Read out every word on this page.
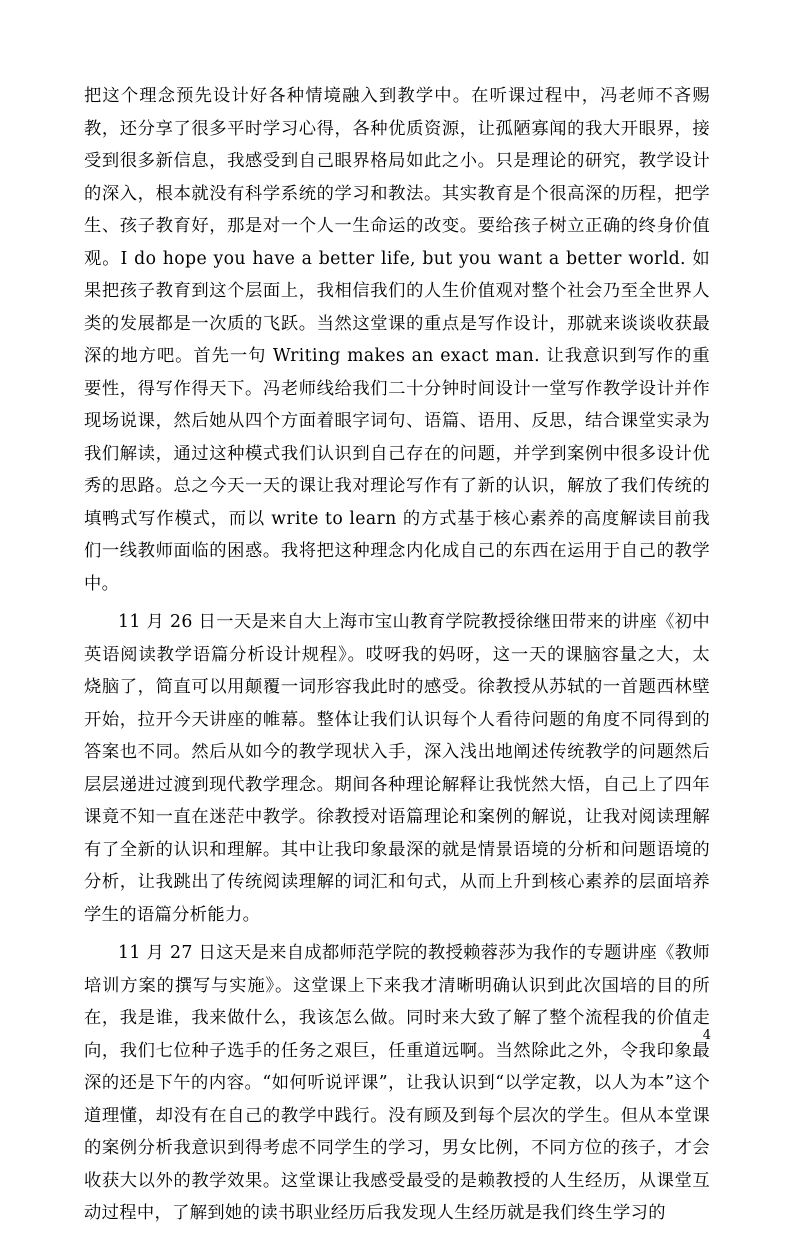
把这个理念预先设计好各种情境融入到教学中。在听课过程中，冯老师不吝赐教，还分享了很多平时学习心得，各种优质资源，让孤陋寡闻的我大开眼界，接受到很多新信息，我感受到自己眼界格局如此之小。只是理论的研究，教学设计的深入，根本就没有科学系统的学习和教法。其实教育是个很高深的历程，把学生、孩子教育好，那是对一个人一生命运的改变。要给孩子树立正确的终身价值观。I do hope you have a better life, but you want a better world. 如果把孩子教育到这个层面上，我相信我们的人生价值观对整个社会乃至全世界人类的发展都是一次质的飞跃。当然这堂课的重点是写作设计，那就来谈谈收获最深的地方吧。首先一句 Writing makes an exact man. 让我意识到写作的重要性，得写作得天下。冯老师线给我们二十分钟时间设计一堂写作教学设计并作现场说课，然后她从四个方面着眼字词句、语篇、语用、反思，结合课堂实录为我们解读，通过这种模式我们认识到自己存在的问题，并学到案例中很多设计优秀的思路。总之今天一天的课让我对理论写作有了新的认识，解放了我们传统的填鸭式写作模式，而以 write to learn 的方式基于核心素养的高度解读目前我们一线教师面临的困惑。我将把这种理念内化成自己的东西在运用于自己的教学中。

11 月 26 日一天是来自大上海市宝山教育学院教授徐继田带来的讲座《初中英语阅读教学语篇分析设计规程》。哎呀我的妈呀，这一天的课脑容量之大，太烧脑了，简直可以用颠覆一词形容我此时的感受。徐教授从苏轼的一首题西林壁开始，拉开今天讲座的帷幕。整体让我们认识每个人看待问题的角度不同得到的答案也不同。然后从如今的教学现状入手，深入浅出地阐述传统教学的问题然后层层递进过渡到现代教学理念。期间各种理论解释让我恍然大悟，自己上了四年课竟不知一直在迷茫中教学。徐教授对语篇理论和案例的解说，让我对阅读理解有了全新的认识和理解。其中让我印象最深的就是情景语境的分析和问题语境的分析，让我跳出了传统阅读理解的词汇和句式，从而上升到核心素养的层面培养学生的语篇分析能力。

11 月 27 日这天是来自成都师范学院的教授赖蓉莎为我作的专题讲座《教师培训方案的撰写与实施》。这堂课上下来我才清晰明确认识到此次国培的目的所在，我是谁，我来做什么，我该怎么做。同时来大致了解了整个流程我的价值走向，我们七位种子选手的任务之艰巨，任重道远啊。当然除此之外，令我印象最深的还是下午的内容。“如何听说评课”，让我认识到“以学定教，以人为本”这个道理懂，却没有在自己的教学中践行。没有顾及到每个层次的学生。但从本堂课的案例分析我意识到得考虑不同学生的学习，男女比例，不同方位的孩子，才会收获大以外的教学效果。这堂课让我感受最受的是赖教授的人生经历，从课堂互动过程中，了解到她的读书职业经历后我发现人生经历就是我们终生学习的

4
